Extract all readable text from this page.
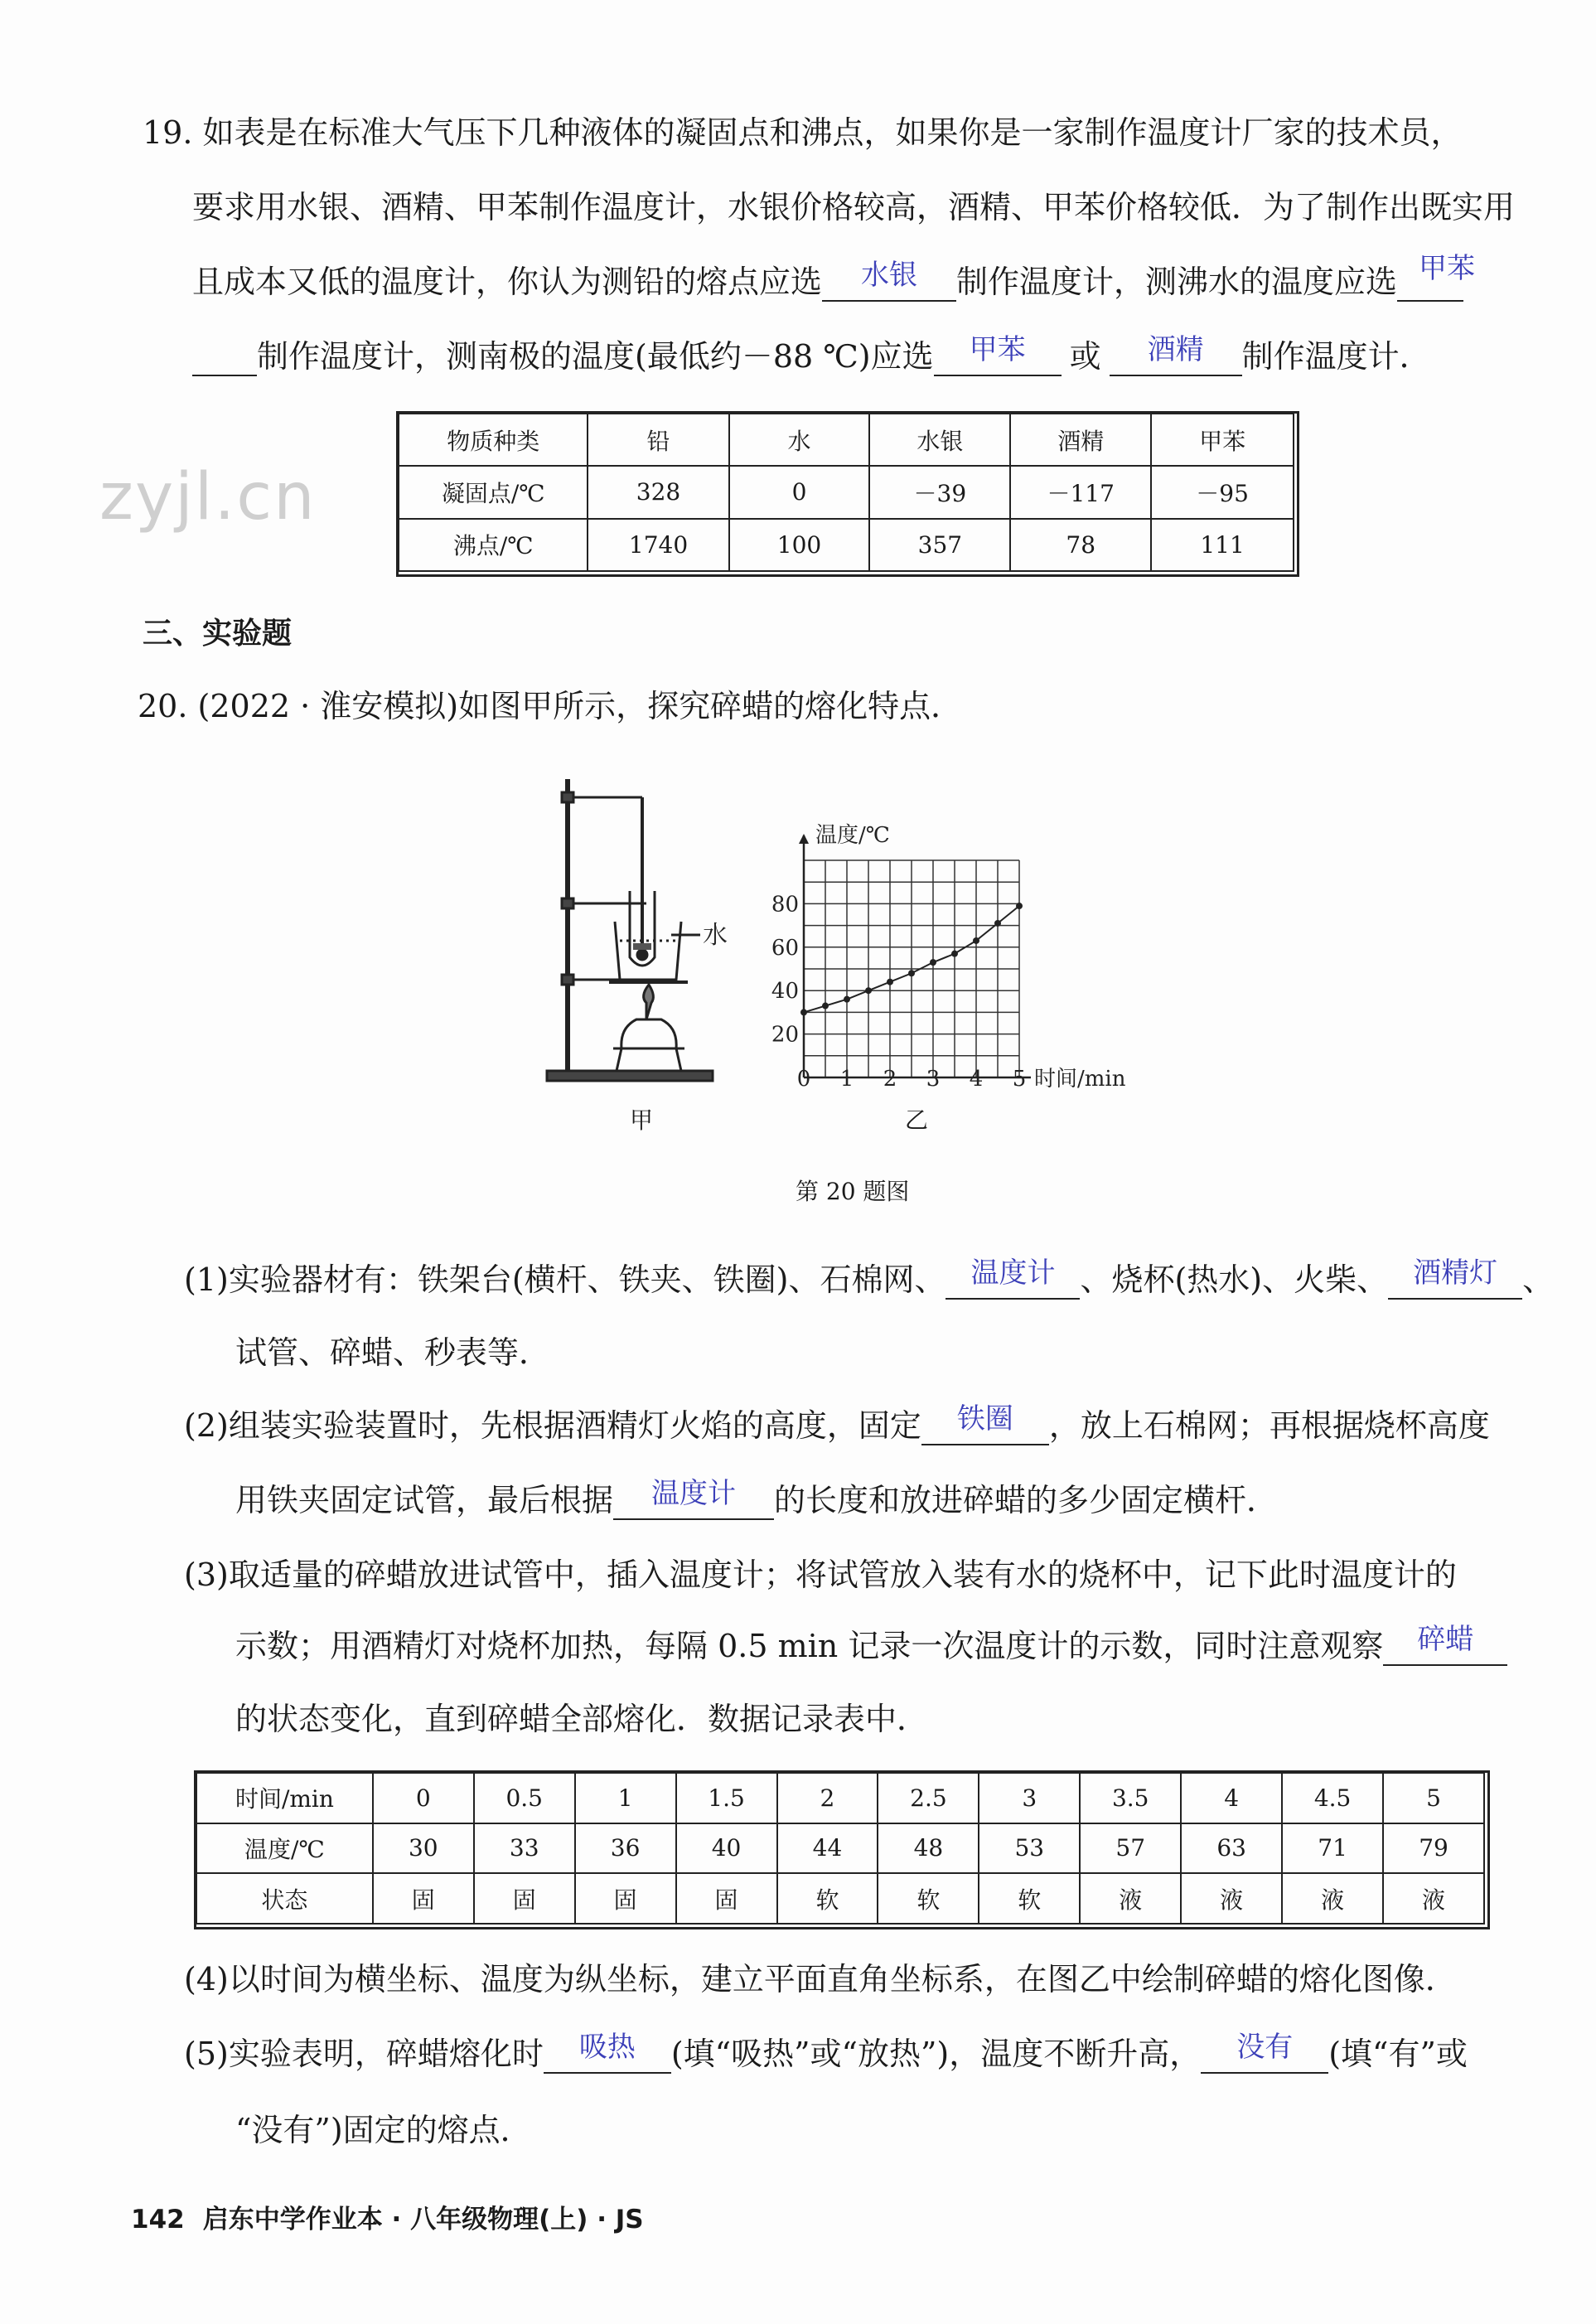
zyjl.cn
19. 如表是在标准大气压下几种液体的凝固点和沸点，如果你是一家制作温度计厂家的技术员，
要求用水银、酒精、甲苯制作温度计，水银价格较高，酒精、甲苯价格较低．为了制作出既实用
且成本又低的温度计，你认为测铅的熔点应选	水银	制作温度计，测沸水的温度应选 甲苯
制作温度计，测南极的温度(最低约－88 ℃)应选	甲苯	或	酒精	制作温度计．
物质种类	铅	水	水银	酒精	甲苯
凝固点/℃	328	0	－39	－117	－95
沸点/℃	1740	100	357	78	111
三、实验题
20. (2022 · 淮安模拟)如图甲所示，探究碎蜡的熔化特点．
水
甲
温度/℃
时间/min
0 1 2 3 4 5
20
40
60
80
乙
第 20 题图
(1)实验器材有：铁架台(横杆、铁夹、铁圈)、石棉网、 温度计 、烧杯(热水)、火柴、 酒精灯 、
试管、碎蜡、秒表等．
(2)组装实验装置时，先根据酒精灯火焰的高度，固定	铁圈	，放上石棉网；再根据烧杯高度
用铁夹固定试管，最后根据	温度计	的长度和放进碎蜡的多少固定横杆．
(3)取适量的碎蜡放进试管中，插入温度计；将试管放入装有水的烧杯中，记下此时温度计的
示数；用酒精灯对烧杯加热，每隔 0.5 min 记录一次温度计的示数，同时注意观察	碎蜡
的状态变化，直到碎蜡全部熔化．数据记录表中．
时间/min	0	0.5	1	1.5	2	2.5	3	3.5	4	4.5	5
温度/℃	30	33	36	40	44	48	53	57	63	71	79
状态	固	固	固	固	软	软	软	液	液	液	液
(4)以时间为横坐标、温度为纵坐标，建立平面直角坐标系，在图乙中绘制碎蜡的熔化图像．
(5)实验表明，碎蜡熔化时	吸热	(填“吸热”或“放热”)，温度不断升高，	没有	(填“有”或
“没有”)固定的熔点．
142 启东中学作业本 · 八年级物理(上) · JS
